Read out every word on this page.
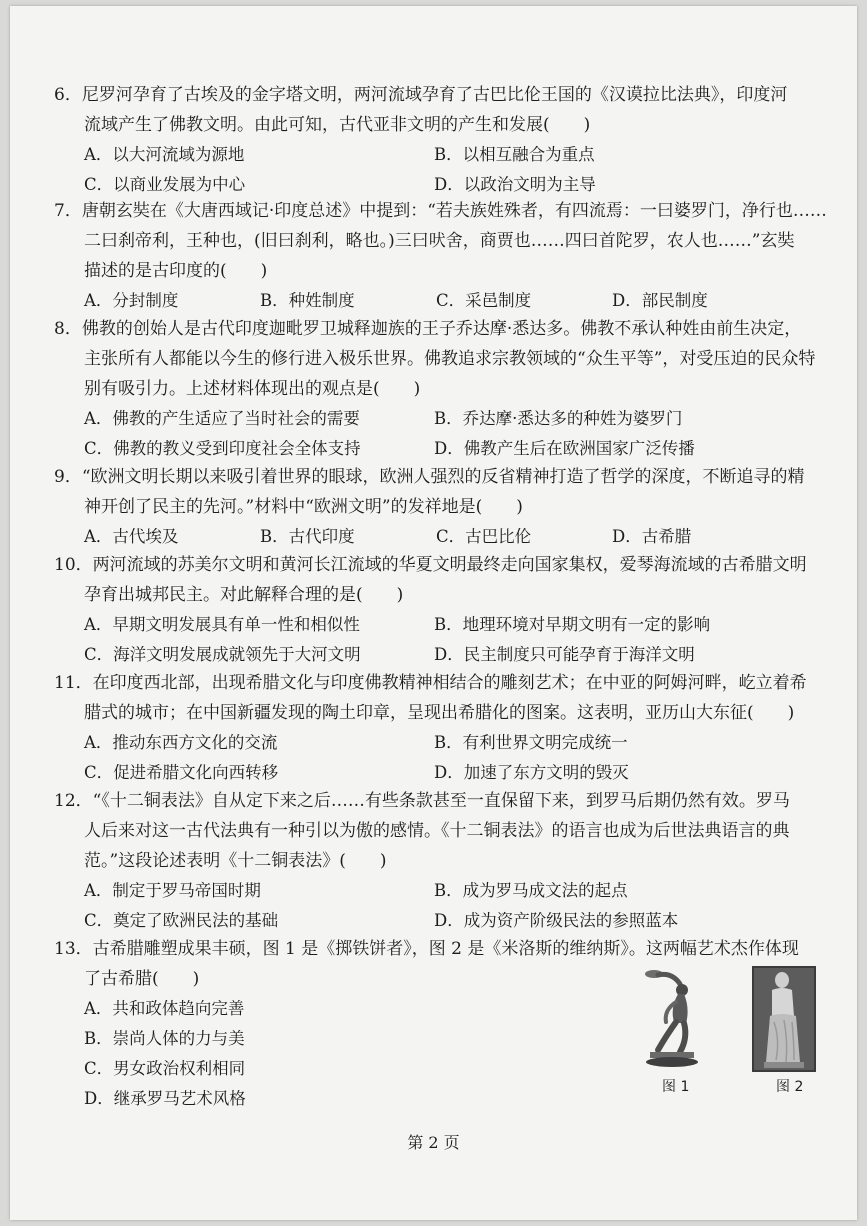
6．尼罗河孕育了古埃及的金字塔文明，两河流域孕育了古巴比伦王国的《汉谟拉比法典》，印度河
流域产生了佛教文明。由此可知，古代亚非文明的产生和发展(　　)
A．以大河流域为源地	B．以相互融合为重点
C．以商业发展为中心	D．以政治文明为主导
7．唐朝玄奘在《大唐西域记·印度总述》中提到：“若夫族姓殊者，有四流焉：一曰婆罗门，净行也……
二曰刹帝利，王种也，(旧曰刹利，略也。)三曰吠舍，商贾也……四曰首陀罗，农人也……”玄奘
描述的是古印度的(　　)
A．分封制度	B．种姓制度	C．采邑制度	D．部民制度
8．佛教的创始人是古代印度迦毗罗卫城释迦族的王子乔达摩·悉达多。佛教不承认种姓由前生决定，
主张所有人都能以今生的修行进入极乐世界。佛教追求宗教领域的“众生平等”，对受压迫的民众特
别有吸引力。上述材料体现出的观点是(　　)
A．佛教的产生适应了当时社会的需要	B．乔达摩·悉达多的种姓为婆罗门
C．佛教的教义受到印度社会全体支持	D．佛教产生后在欧洲国家广泛传播
9．“欧洲文明长期以来吸引着世界的眼球，欧洲人强烈的反省精神打造了哲学的深度，不断追寻的精
神开创了民主的先河。”材料中“欧洲文明”的发祥地是(　　)
A．古代埃及	B．古代印度	C．古巴比伦	D．古希腊
10．两河流域的苏美尔文明和黄河长江流域的华夏文明最终走向国家集权，爱琴海流域的古希腊文明
孕育出城邦民主。对此解释合理的是(　　)
A．早期文明发展具有单一性和相似性	B．地理环境对早期文明有一定的影响
C．海洋文明发展成就领先于大河文明	D．民主制度只可能孕育于海洋文明
11．在印度西北部，出现希腊文化与印度佛教精神相结合的雕刻艺术；在中亚的阿姆河畔，屹立着希
腊式的城市；在中国新疆发现的陶土印章，呈现出希腊化的图案。这表明，亚历山大东征(　　)
A．推动东西方文化的交流	B．有利世界文明完成统一
C．促进希腊文化向西转移	D．加速了东方文明的毁灭
12．“《十二铜表法》自从定下来之后……有些条款甚至一直保留下来，到罗马后期仍然有效。罗马
人后来对这一古代法典有一种引以为傲的感情。《十二铜表法》的语言也成为后世法典语言的典
范。”这段论述表明《十二铜表法》(　　)
A．制定于罗马帝国时期	B．成为罗马成文法的起点
C．奠定了欧洲民法的基础	D．成为资产阶级民法的参照蓝本
13．古希腊雕塑成果丰硕，图 1 是《掷铁饼者》，图 2 是《米洛斯的维纳斯》。这两幅艺术杰作体现
了古希腊(　　)
A．共和政体趋向完善
B．崇尚人体的力与美
C．男女政治权利相同
D．继承罗马艺术风格
图 1	图 2
第 2 页
